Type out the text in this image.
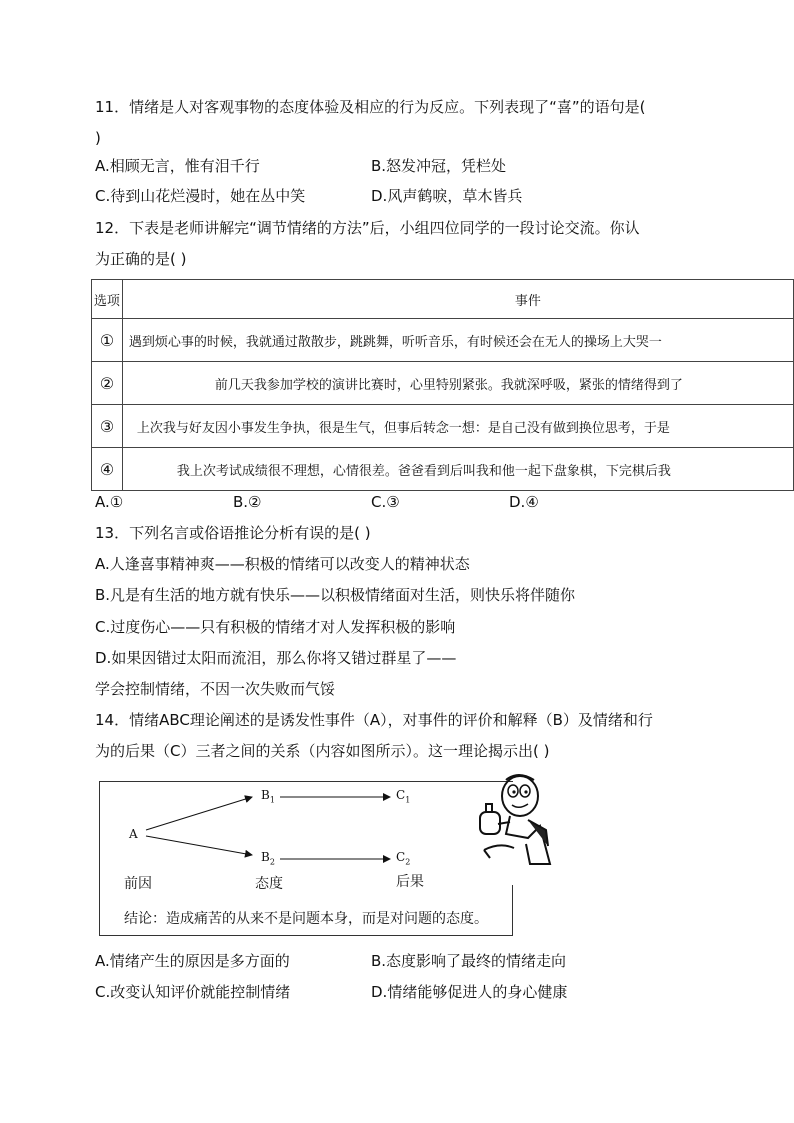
11．情绪是人对客观事物的态度体验及相应的行为反应。下列表现了“喜”的语句是(
)
A.相顾无言，惟有泪千行	B.怒发冲冠，凭栏处
C.待到山花烂漫时，她在丛中笑	D.风声鹤唳，草木皆兵
12．下表是老师讲解完“调节情绪的方法”后，小组四位同学的一段讨论交流。你认
为正确的是( )
选项	事件
①	遇到烦心事的时候，我就通过散散步，跳跳舞，听听音乐，有时候还会在无人的操场上大哭一
②	前几天我参加学校的演讲比赛时，心里特别紧张。我就深呼吸，紧张的情绪得到了
③	上次我与好友因小事发生争执，很是生气，但事后转念一想：是自己没有做到换位思考，于是
④	我上次考试成绩很不理想，心情很差。爸爸看到后叫我和他一起下盘象棋，下完棋后我
A.①	B.②	C.③	D.④
13．下列名言或俗语推论分析有误的是( )
A.人逢喜事精神爽——积极的情绪可以改变人的精神状态
B.凡是有生活的地方就有快乐——以积极情绪面对生活，则快乐将伴随你
C.过度伤心——只有积极的情绪才对人发挥积极的影响
D.如果因错过太阳而流泪，那么你将又错过群星了——
学会控制情绪，不因一次失败而气馁
14．情绪ABC理论阐述的是诱发性事件（A），对事件的评价和解释（B）及情绪和行
为的后果（C）三者之间的关系（内容如图所示）。这一理论揭示出( )
A
$B_1$
$B_2$
$C_1$
$C_2$
前因	态度	后果
结论：造成痛苦的从来不是问题本身，而是对问题的态度。
A.情绪产生的原因是多方面的	B.态度影响了最终的情绪走向
C.改变认知评价就能控制情绪	D.情绪能够促进人的身心健康
